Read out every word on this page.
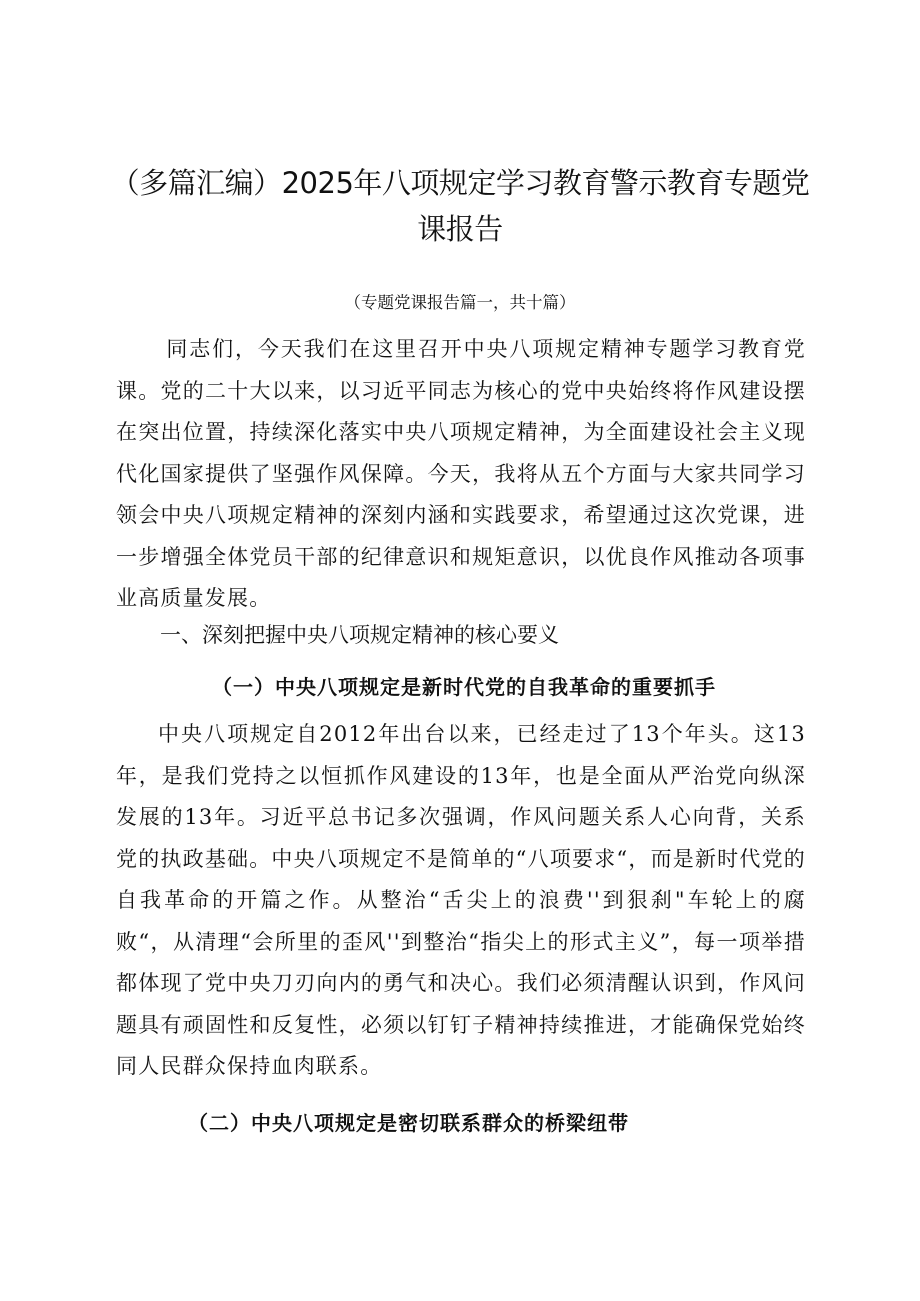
（多篇汇编）2025年八项规定学习教育警示教育专题党课报告
（专题党课报告篇一，共十篇）

同志们，今天我们在这里召开中央八项规定精神专题学习教育党课。党的二十大以来，以习近平同志为核心的党中央始终将作风建设摆在突出位置，持续深化落实中央八项规定精神，为全面建设社会主义现代化国家提供了坚强作风保障。今天，我将从五个方面与大家共同学习领会中央八项规定精神的深刻内涵和实践要求，希望通过这次党课，进一步增强全体党员干部的纪律意识和规矩意识，以优良作风推动各项事业高质量发展。

一、深刻把握中央八项规定精神的核心要义
（一）中央八项规定是新时代党的自我革命的重要抓手

中央八项规定自2012年出台以来，已经走过了13个年头。这13年，是我们党持之以恒抓作风建设的13年，也是全面从严治党向纵深发展的13年。习近平总书记多次强调，作风问题关系人心向背，关系党的执政基础。中央八项规定不是简单的“八项要求“，而是新时代党的自我革命的开篇之作。从整治“舌尖上的浪费''到狠刹"车轮上的腐败“，从清理“会所里的歪风''到整治“指尖上的形式主义”，每一项举措都体现了党中央刀刃向内的勇气和决心。我们必须清醒认识到，作风问题具有顽固性和反复性，必须以钉钉子精神持续推进，才能确保党始终同人民群众保持血肉联系。

（二）中央八项规定是密切联系群众的桥梁纽带
